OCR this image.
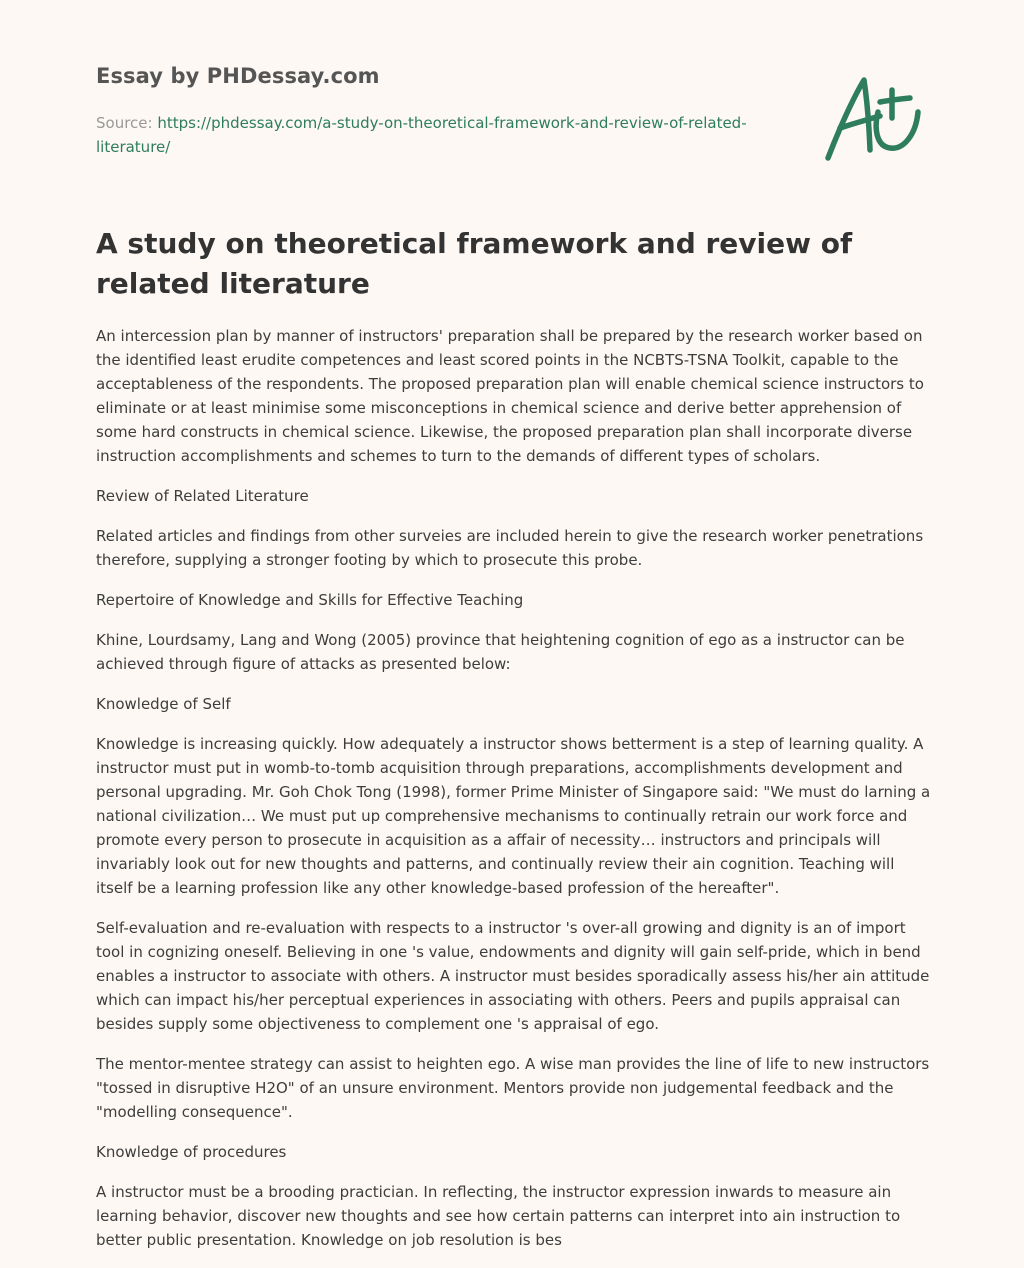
Essay by PHDessay.com
Source: https://phdessay.com/a-study-on-theoretical-framework-and-review-of-related-literature/
A study on theoretical framework and review of related literature

An intercession plan by manner of instructors' preparation shall be prepared by the research worker based on the identified least erudite competences and least scored points in the NCBTS-TSNA Toolkit, capable to the acceptableness of the respondents. The proposed preparation plan will enable chemical science instructors to eliminate or at least minimise some misconceptions in chemical science and derive better apprehension of some hard constructs in chemical science. Likewise, the proposed preparation plan shall incorporate diverse instruction accomplishments and schemes to turn to the demands of different types of scholars.

Review of Related Literature

Related articles and findings from other surveies are included herein to give the research worker penetrations therefore, supplying a stronger footing by which to prosecute this probe.

Repertoire of Knowledge and Skills for Effective Teaching

Khine, Lourdsamy, Lang and Wong (2005) province that heightening cognition of ego as a instructor can be achieved through figure of attacks as presented below:

Knowledge of Self

Knowledge is increasing quickly. How adequately a instructor shows betterment is a step of learning quality. A instructor must put in womb-to-tomb acquisition through preparations, accomplishments development and personal upgrading. Mr. Goh Chok Tong (1998), former Prime Minister of Singapore said: "We must do larning a national civilization… We must put up comprehensive mechanisms to continually retrain our work force and promote every person to prosecute in acquisition as a affair of necessity… instructors and principals will invariably look out for new thoughts and patterns, and continually review their ain cognition. Teaching will itself be a learning profession like any other knowledge-based profession of the hereafter".

Self-evaluation and re-evaluation with respects to a instructor 's over-all growing and dignity is an of import tool in cognizing oneself. Believing in one 's value, endowments and dignity will gain self-pride, which in bend enables a instructor to associate with others. A instructor must besides sporadically assess his/her ain attitude which can impact his/her perceptual experiences in associating with others. Peers and pupils appraisal can besides supply some objectiveness to complement one 's appraisal of ego.

The mentor-mentee strategy can assist to heighten ego. A wise man provides the line of life to new instructors "tossed in disruptive H2O" of an unsure environment. Mentors provide non judgemental feedback and the "modelling consequence".

Knowledge of procedures

A instructor must be a brooding practician. In reflecting, the instructor expression inwards to measure ain learning behavior, discover new thoughts and see how certain patterns can interpret into ain instruction to better public presentation. Knowledge on job resolution is bes
